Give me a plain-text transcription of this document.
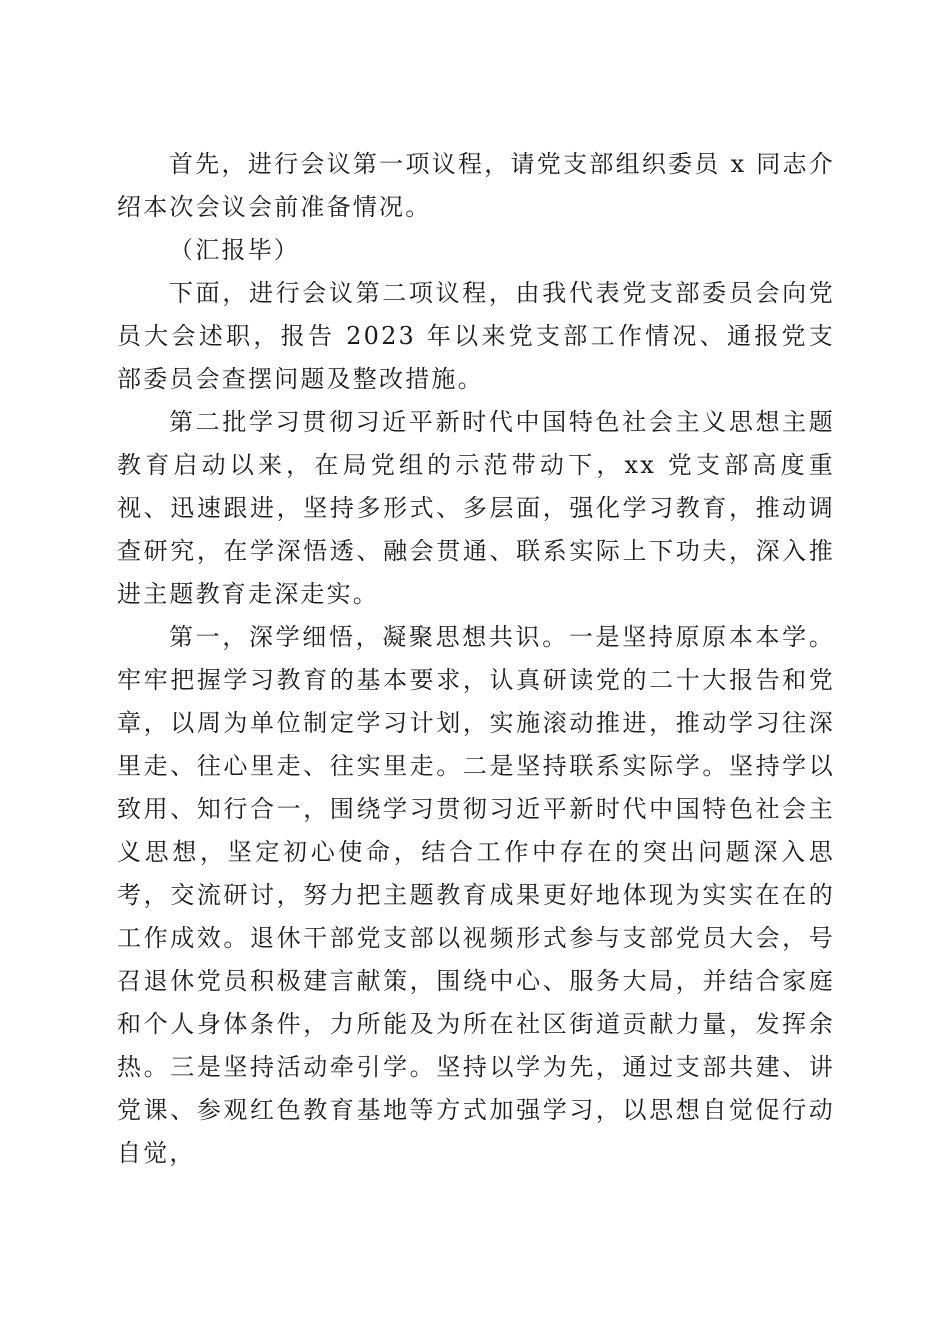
首先，进行会议第一项议程，请党支部组织委员 x 同志介绍本次会议会前准备情况。

（汇报毕）

下面，进行会议第二项议程，由我代表党支部委员会向党员大会述职，报告 2023 年以来党支部工作情况、通报党支部委员会查摆问题及整改措施。

第二批学习贯彻习近平新时代中国特色社会主义思想主题教育启动以来，在局党组的示范带动下，xx 党支部高度重视、迅速跟进，坚持多形式、多层面，强化学习教育，推动调查研究，在学深悟透、融会贯通、联系实际上下功夫，深入推进主题教育走深走实。

第一，深学细悟，凝聚思想共识。一是坚持原原本本学。牢牢把握学习教育的基本要求，认真研读党的二十大报告和党章，以周为单位制定学习计划，实施滚动推进，推动学习往深里走、往心里走、往实里走。二是坚持联系实际学。坚持学以致用、知行合一，围绕学习贯彻习近平新时代中国特色社会主义思想，坚定初心使命，结合工作中存在的突出问题深入思考，交流研讨，努力把主题教育成果更好地体现为实实在在的工作成效。退休干部党支部以视频形式参与支部党员大会，号召退休党员积极建言献策，围绕中心、服务大局，并结合家庭和个人身体条件，力所能及为所在社区街道贡献力量，发挥余热。三是坚持活动牵引学。坚持以学为先，通过支部共建、讲党课、参观红色教育基地等方式加强学习，以思想自觉促行动自觉，
